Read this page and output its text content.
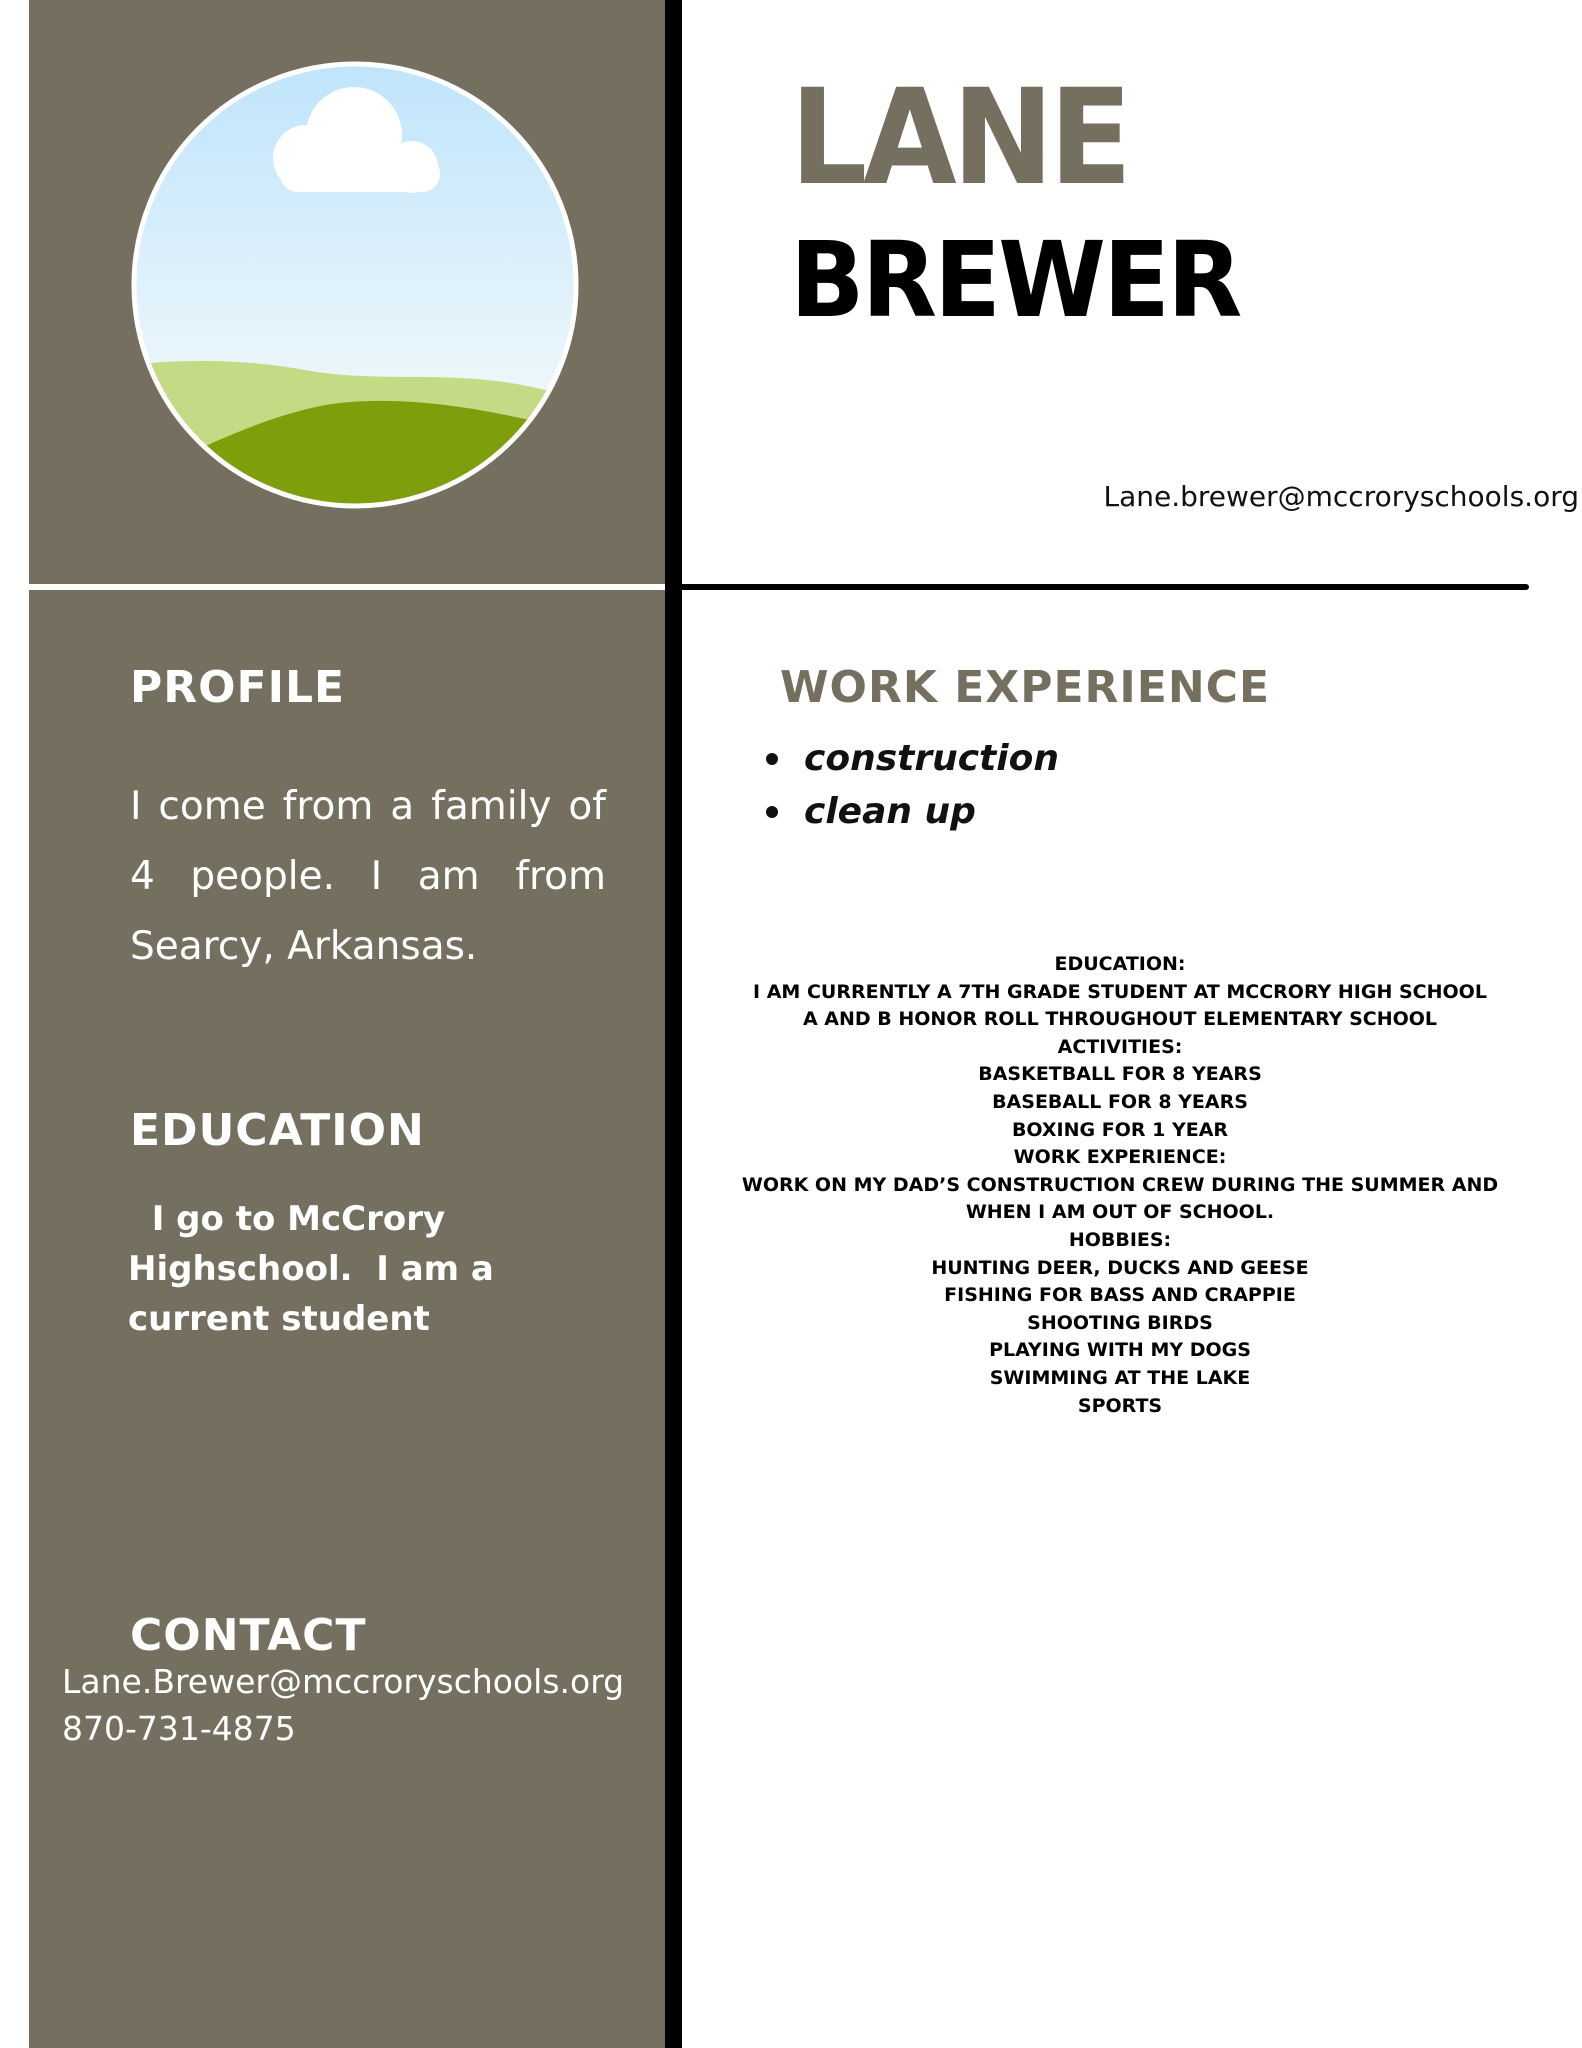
LANE
BREWER
Lane.brewer@mccroryschools.org
PROFILE
I come from a family of 4 people. I am from Searcy, Arkansas.
EDUCATION
I go to McCrory Highschool.  I am a current student
CONTACT
Lane.Brewer@mccroryschools.org
870-731-4875
WORK EXPERIENCE
construction
clean up
EDUCATION:
I AM CURRENTLY A 7TH GRADE STUDENT AT MCCRORY HIGH SCHOOL
A AND B HONOR ROLL THROUGHOUT ELEMENTARY SCHOOL
ACTIVITIES:
BASKETBALL FOR 8 YEARS
BASEBALL FOR 8 YEARS
BOXING FOR 1 YEAR
WORK EXPERIENCE:
WORK ON MY DAD’S CONSTRUCTION CREW DURING THE SUMMER AND
WHEN I AM OUT OF SCHOOL.
HOBBIES:
HUNTING DEER, DUCKS AND GEESE
FISHING FOR BASS AND CRAPPIE
SHOOTING BIRDS
PLAYING WITH MY DOGS
SWIMMING AT THE LAKE
SPORTS
